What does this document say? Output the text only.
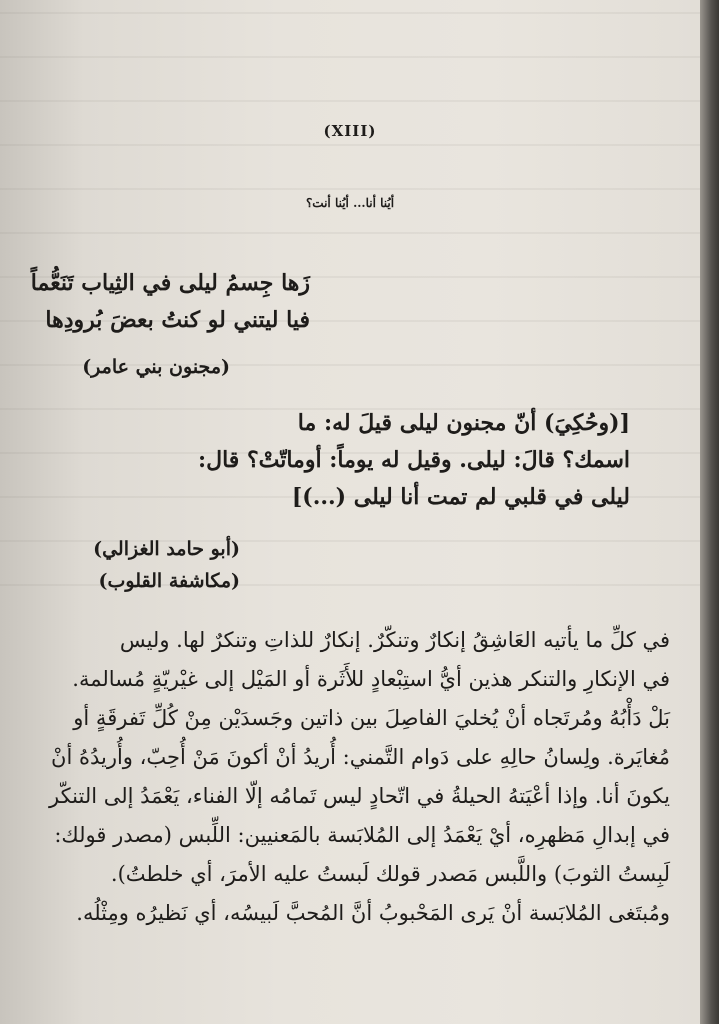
(XIII)
أيُنا أنا... أيُنا أنت؟
زَها جِسمُ ليلى في الثِياب تَنَعُّماً
فيا ليتني لو كنتُ بعضَ بُرودِها
(مجنون بني عامر)
[(وحُكِيَ) أنّ مجنون ليلى قيلَ له: ما
اسمك؟ قالَ: ليلى. وقيل له يوماً: أوماتّتْ؟ قال:
ليلى في قلبي لم تمت أنا ليلى (...)]
(أبو حامد الغزالي)
(مكاشفة القلوب)
في كلِّ ما يأتيه العَاشِقُ إنكارٌ وتنكّرٌ. إنكارٌ للذاتِ وتنكرٌ لها. وليس
في الإنكارِ والتنكر هذين أيُّ استِبْعادٍ للأَثَرة أو المَيْل إلى غيْريّةٍ مُسالمة.
بَلْ دَأْبُهُ ومُرتَجاه أنْ يُخليَ الفاصِلَ بين ذاتين وجَسدَيْن مِنْ كُلِّ تَفرقَةٍ أو
مُغايَرة. ولِسانُ حالِهِ على دَوام التَّمني: أُريدُ أنْ أكونَ مَنْ أُحِبّ، وأُريدُهُ أنْ
يكونَ أنا. وإذا أعْيَتهُ الحيلةُ في اتّحادٍ ليس تَمامُه إلّا الفناء، يَعْمَدُ إلى التنكّر
في إبدالِ مَظهرِه، أيْ يَعْمَدُ إلى المُلابَسة بالمَعنيين: اللِّبس (مصدر قولك:
لَبِستُ الثوبَ) واللَّبس مَصدر قولك لَبستُ عليه الأمرَ، أي خلطتُ).
ومُبتَغى المُلابَسة أنْ يَرى المَحْبوبُ أنَّ المُحبَّ لَبيسُه، أي نَظيرُه ومِثْلُه.
